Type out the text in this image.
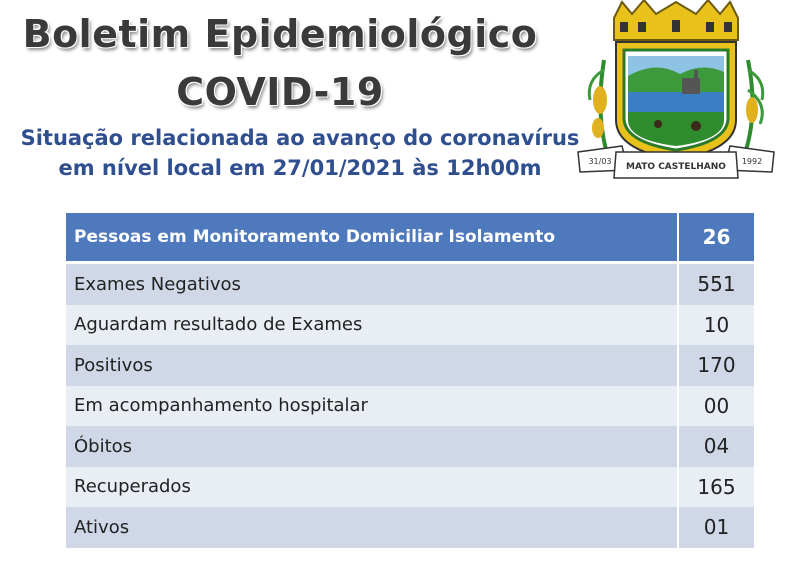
Boletim Epidemiológico
COVID-19
Situação relacionada ao avanço do coronavírus
em nível local em 27/01/2021 às 12h00m	31/03	1992
MATO CASTELHANO
Pessoas em Monitoramento Domiciliar Isolamento	26
Exames Negativos	551
Aguardam resultado de Exames	10
Positivos	170
Em acompanhamento hospitalar	00
Óbitos	04
Recuperados	165
Ativos	01
